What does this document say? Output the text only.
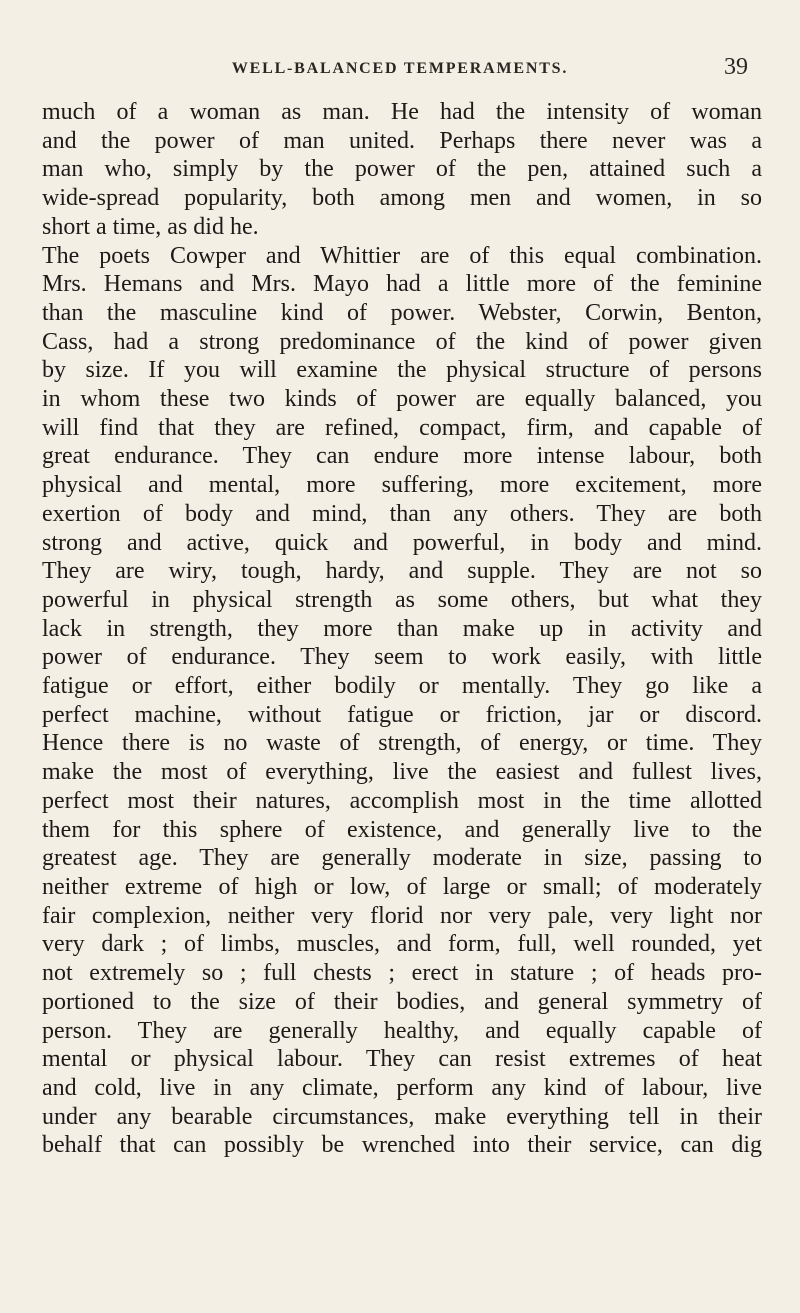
WELL-BALANCED TEMPERAMENTS.	39
much of a woman as man. He had the intensity of woman
and the power of man united. Perhaps there never was a
man who, simply by the power of the pen, attained such a
wide-spread popularity, both among men and women, in so
short a time, as did he.
The poets Cowper and Whittier are of this equal combination.
Mrs. Hemans and Mrs. Mayo had a little more of the feminine
than the masculine kind of power. Webster, Corwin, Benton,
Cass, had a strong predominance of the kind of power given
by size. If you will examine the physical structure of persons
in whom these two kinds of power are equally balanced, you
will find that they are refined, compact, firm, and capable of
great endurance. They can endure more intense labour, both
physical and mental, more suffering, more excitement, more
exertion of body and mind, than any others. They are both
strong and active, quick and powerful, in body and mind.
They are wiry, tough, hardy, and supple. They are not so
powerful in physical strength as some others, but what they
lack in strength, they more than make up in activity and
power of endurance. They seem to work easily, with little
fatigue or effort, either bodily or mentally. They go like a
perfect machine, without fatigue or friction, jar or discord.
Hence there is no waste of strength, of energy, or time. They
make the most of everything, live the easiest and fullest lives,
perfect most their natures, accomplish most in the time allotted
them for this sphere of existence, and generally live to the
greatest age. They are generally moderate in size, passing to
neither extreme of high or low, of large or small; of moderately
fair complexion, neither very florid nor very pale, very light nor
very dark ; of limbs, muscles, and form, full, well rounded, yet
not extremely so ; full chests ; erect in stature ; of heads pro-
portioned to the size of their bodies, and general symmetry of
person. They are generally healthy, and equally capable of
mental or physical labour. They can resist extremes of heat
and cold, live in any climate, perform any kind of labour, live
under any bearable circumstances, make everything tell in their
behalf that can possibly be wrenched into their service, can dig
